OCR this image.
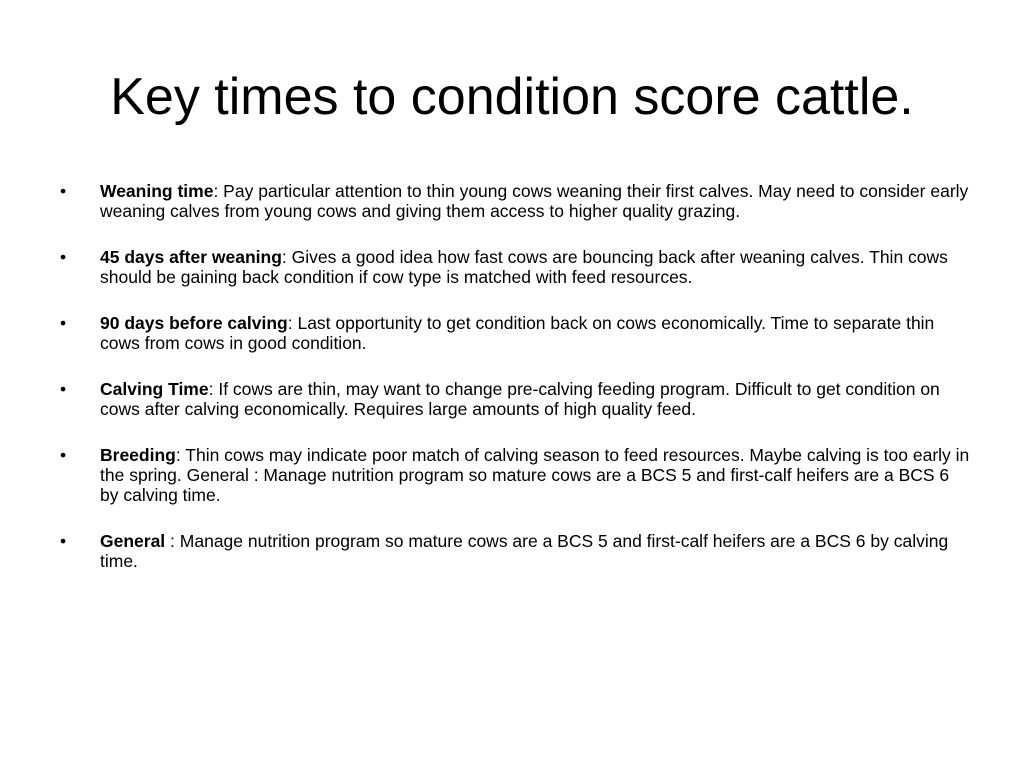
Key times to condition score cattle.
•	Weaning time: Pay particular attention to thin young cows weaning their first calves. May need to consider early weaning calves from young cows and giving them access to higher quality grazing.
•	45 days after weaning: Gives a good idea how fast cows are bouncing back after weaning calves. Thin cows should be gaining back condition if cow type is matched with feed resources.
•	90 days before calving: Last opportunity to get condition back on cows economically. Time to separate thin cows from cows in good condition.
•	Calving Time: If cows are thin, may want to change pre-calving feeding program. Difficult to get condition on cows after calving economically. Requires large amounts of high quality feed.
•	Breeding: Thin cows may indicate poor match of calving season to feed resources. Maybe calving is too early in the spring. General : Manage nutrition program so mature cows are a BCS 5 and first-calf heifers are a BCS 6 by calving time.
•	General : Manage nutrition program so mature cows are a BCS 5 and first-calf heifers are a BCS 6 by calving time.
